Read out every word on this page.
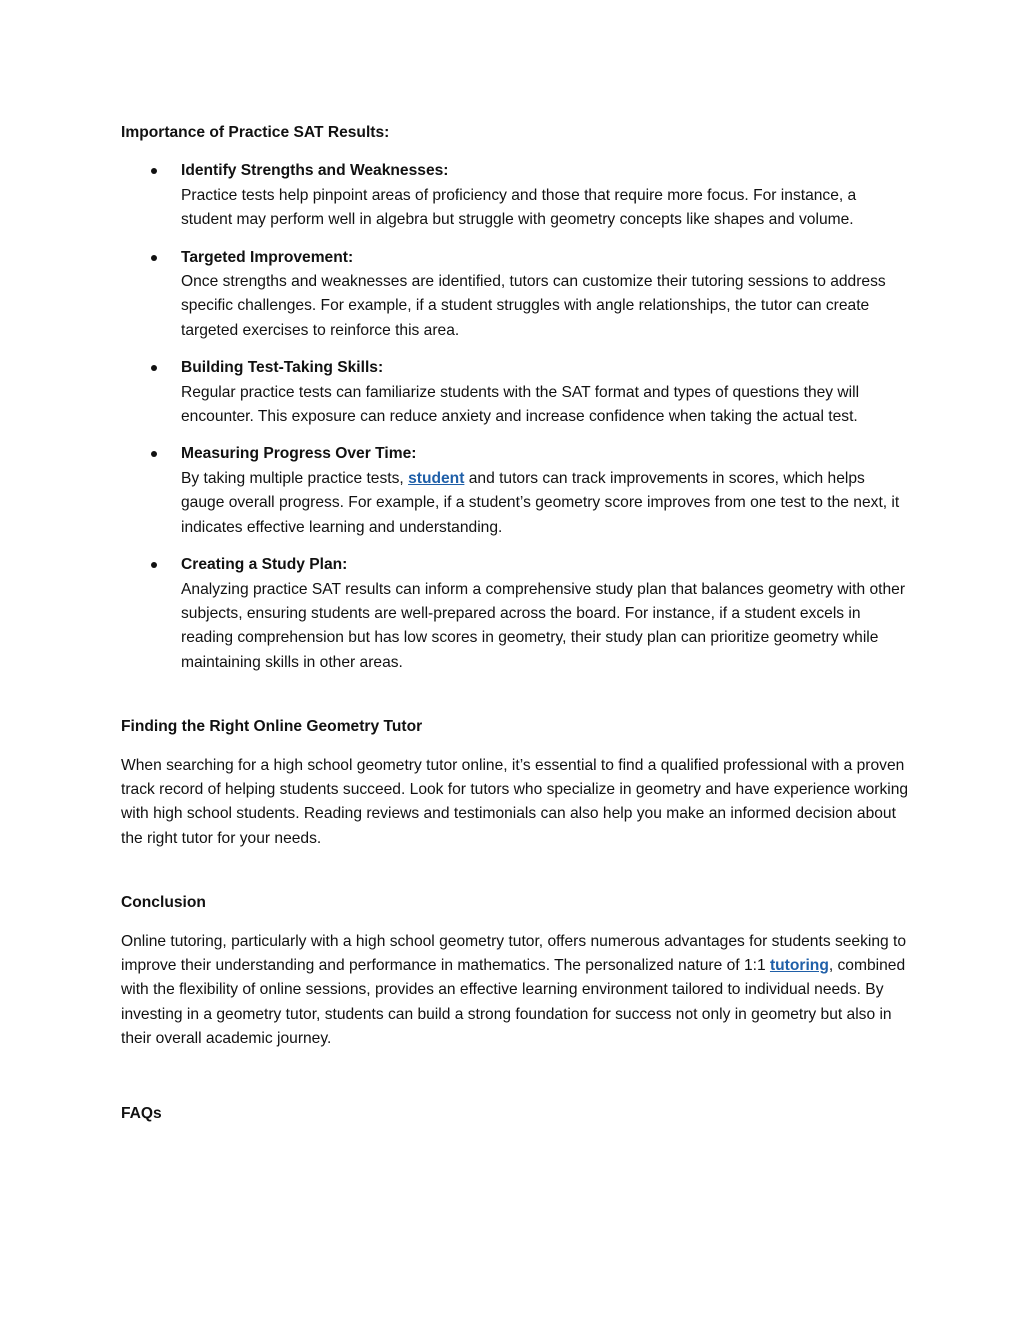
Importance of Practice SAT Results:

Identify Strengths and Weaknesses:
Practice tests help pinpoint areas of proficiency and those that require more focus. For instance, a student may perform well in algebra but struggle with geometry concepts like shapes and volume.
Targeted Improvement:
Once strengths and weaknesses are identified, tutors can customize their tutoring sessions to address specific challenges. For example, if a student struggles with angle relationships, the tutor can create targeted exercises to reinforce this area.
Building Test-Taking Skills:
Regular practice tests can familiarize students with the SAT format and types of questions they will encounter. This exposure can reduce anxiety and increase confidence when taking the actual test.
Measuring Progress Over Time:
By taking multiple practice tests, student and tutors can track improvements in scores, which helps gauge overall progress. For example, if a student’s geometry score improves from one test to the next, it indicates effective learning and understanding.
Creating a Study Plan:
Analyzing practice SAT results can inform a comprehensive study plan that balances geometry with other subjects, ensuring students are well-prepared across the board. For instance, if a student excels in reading comprehension but has low scores in geometry, their study plan can prioritize geometry while maintaining skills in other areas.

Finding the Right Online Geometry Tutor

When searching for a high school geometry tutor online, it’s essential to find a qualified professional with a proven track record of helping students succeed. Look for tutors who specialize in geometry and have experience working with high school students. Reading reviews and testimonials can also help you make an informed decision about the right tutor for your needs.

Conclusion

Online tutoring, particularly with a high school geometry tutor, offers numerous advantages for students seeking to improve their understanding and performance in mathematics. The personalized nature of 1:1 tutoring, combined with the flexibility of online sessions, provides an effective learning environment tailored to individual needs. By investing in a geometry tutor, students can build a strong foundation for success not only in geometry but also in their overall academic journey.

FAQs
